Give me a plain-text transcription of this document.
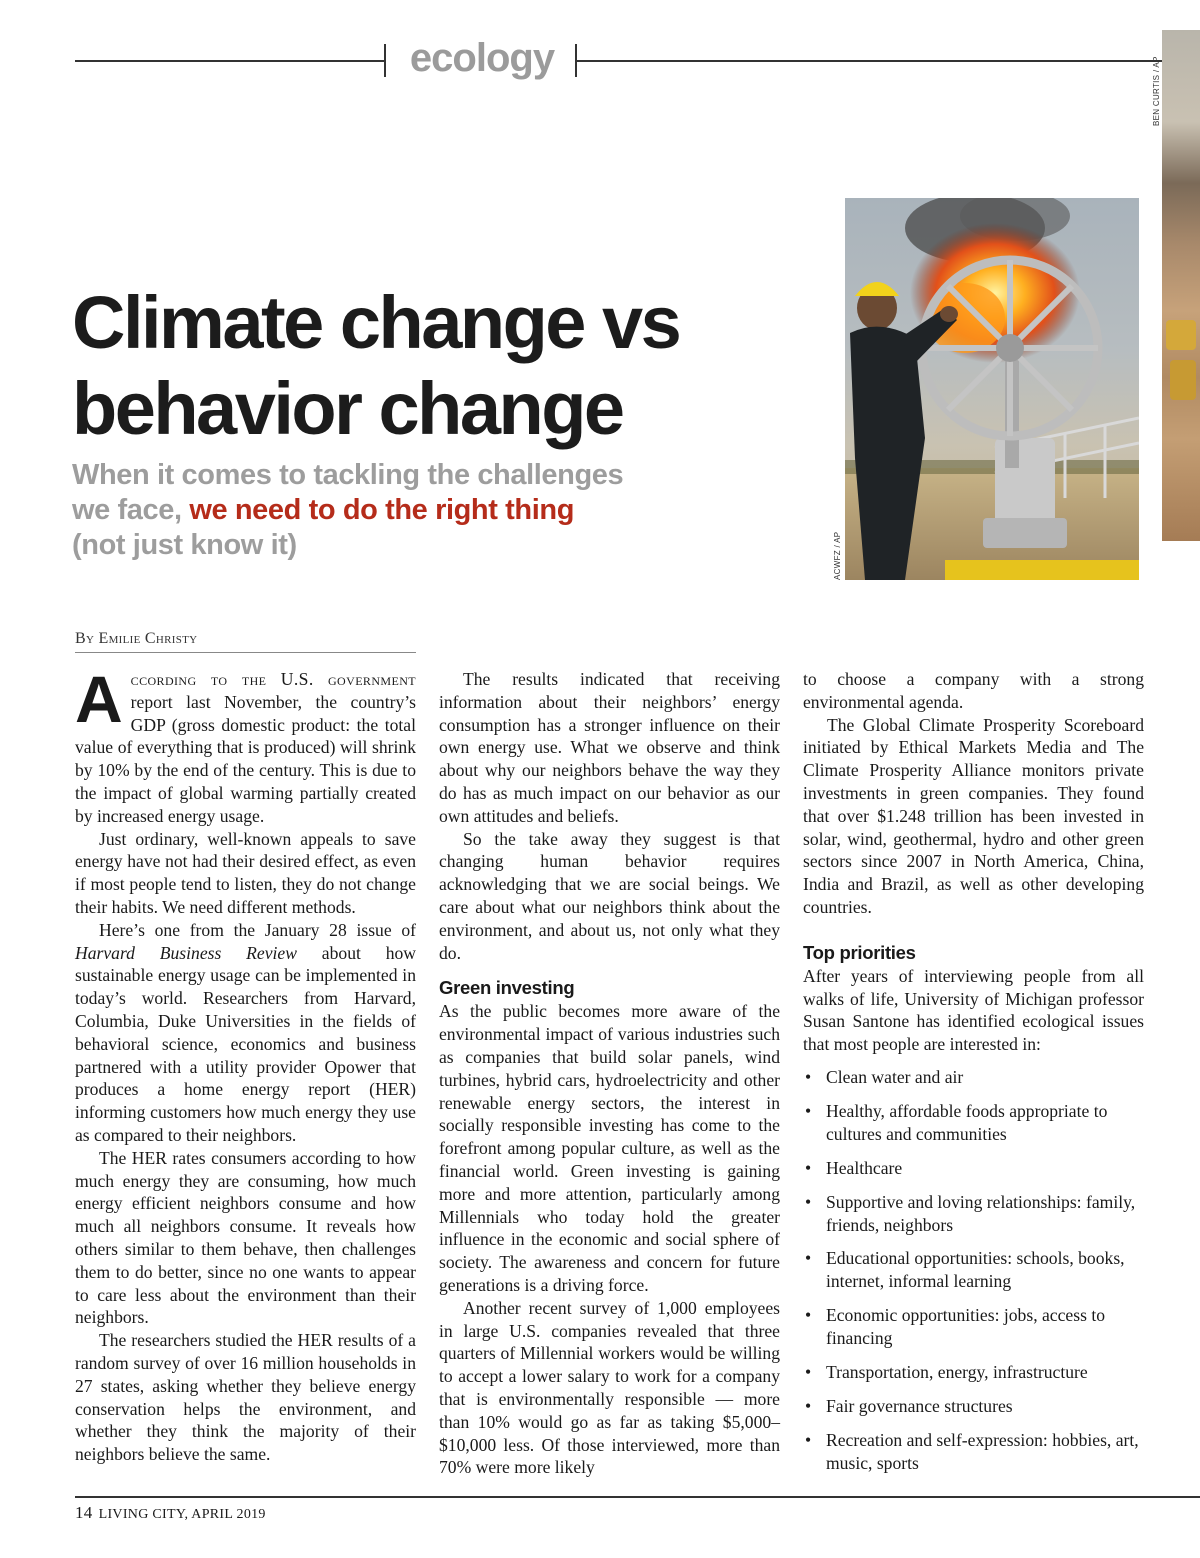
ecology	BEN CURTIS / AP
ACWFZ / AP
Climate change vs
behavior change
When it comes to tackling the challenges we face, we need to do the right thing (not just know it)
By Emilie Christy

According to the U.S. government report last November, the country’s GDP (gross domestic product: the total value of everything that is produced) will shrink by 10% by the end of the century. This is due to the impact of global warming partially created by increased energy usage.

Just ordinary, well-known appeals to save energy have not had their desired effect, as even if most people tend to listen, they do not change their habits. We need different methods.

Here’s one from the January 28 issue of Harvard Business Review about how sustainable energy usage can be implemented in today’s world. Researchers from Harvard, Columbia, Duke Universities in the fields of behavioral science, economics and business partnered with a utility provider Opower that produces a home energy report (HER) informing customers how much energy they use as compared to their neighbors.

The HER rates consumers according to how much energy they are consuming, how much energy efficient neighbors consume and how much all neighbors consume. It reveals how others similar to them behave, then challenges them to do better, since no one wants to appear to care less about the environment than their neighbors.

The researchers studied the HER results of a random survey of over 16 million households in 27 states, asking whether they believe energy conservation helps the environment, and whether they think the majority of their neighbors believe the same.

The results indicated that receiving information about their neighbors’ energy consumption has a stronger influence on their own energy use. What we observe and think about why our neighbors behave the way they do has as much impact on our behavior as our own attitudes and beliefs.

So the take away they suggest is that changing human behavior requires acknowledging that we are social beings. We care about what our neighbors think about the environment, and about us, not only what they do.

Green investing

As the public becomes more aware of the environmental impact of various industries such as companies that build solar panels, wind turbines, hybrid cars, hydroelectricity and other renewable energy sectors, the interest in socially responsible investing has come to the forefront among popular culture, as well as the financial world. Green investing is gaining more and more attention, particularly among Millennials who today hold the greater influence in the economic and social sphere of society. The awareness and concern for future generations is a driving force.

Another recent survey of 1,000 employees in large U.S. companies revealed that three quarters of Millennial workers would be willing to accept a lower salary to work for a company that is environmentally responsible — more than 10% would go as far as taking $5,000–$10,000 less. Of those interviewed, more than 70% were more likely

to choose a company with a strong environmental agenda.

The Global Climate Prosperity Scoreboard initiated by Ethical Markets Media and The Climate Prosperity Alliance monitors private investments in green companies. They found that over $1.248 trillion has been invested in solar, wind, geothermal, hydro and other green sectors since 2007 in North America, China, India and Brazil, as well as other developing countries.

Top priorities

After years of interviewing people from all walks of life, University of Michigan professor Susan Santone has identified ecological issues that most people are interested in:

• Clean water and air
• Healthy, affordable foods appropriate to cultures and communities
• Healthcare
• Supportive and loving relationships: family, friends, neighbors
• Educational opportunities: schools, books, internet, informal learning
• Economic opportunities: jobs, access to financing
• Transportation, energy, infrastructure
• Fair governance structures
• Recreation and self-expression: hobbies, art, music, sports
14 LIVING CITY, APRIL 2019
